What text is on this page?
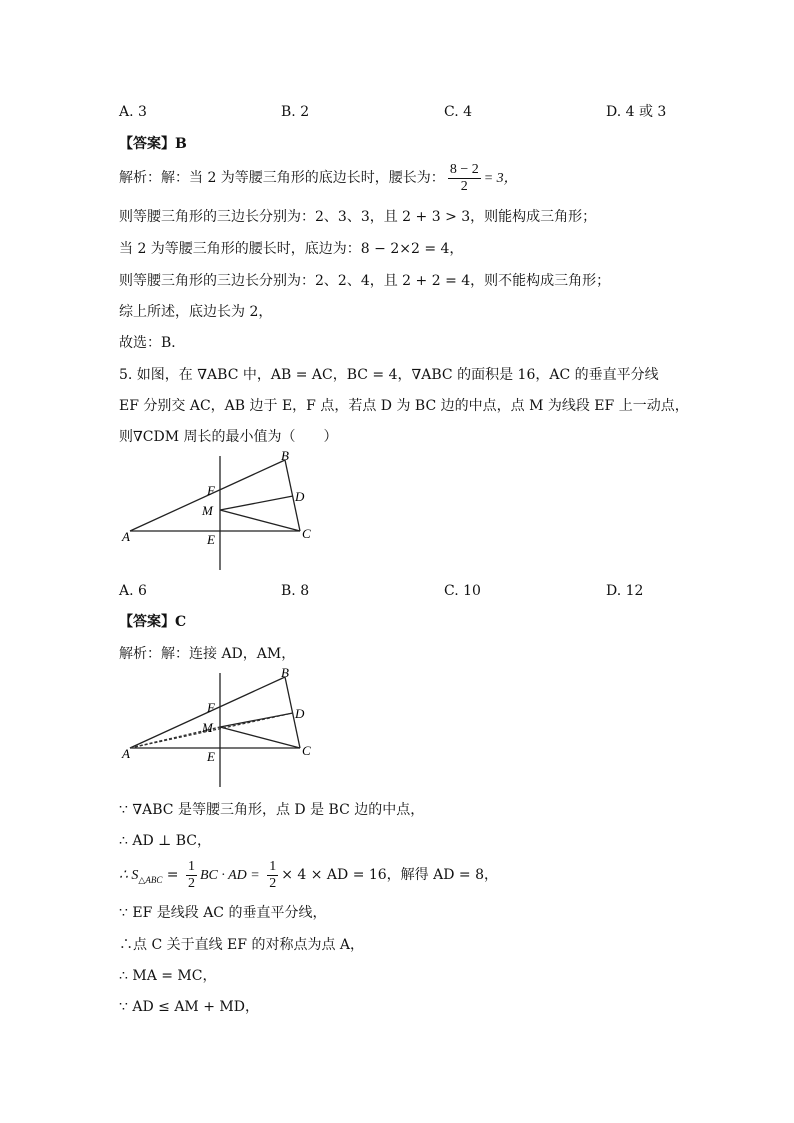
A. 3	B. 2	C. 4	D. 4 或 3
【答案】B
解析：解：当 2 为等腰三角形的底边长时，腰长为： $\frac{8 - 2}{2} = 3$，
则等腰三角形的三边长分别为：2、3、3，且 2 + 3 > 3，则能构成三角形；
当 2 为等腰三角形的腰长时，底边为：8 − 2×2 = 4，
则等腰三角形的三边长分别为：2、2、4，且 2 + 2 = 4，则不能构成三角形；
综上所述，底边长为 2，
故选：B．
5. 如图，在 ∇ABC 中，AB = AC，BC = 4，∇ABC 的面积是 16，AC 的垂直平分线
EF 分别交 AC，AB 边于 E，F 点，若点 D 为 BC 边的中点，点 M 为线段 EF 上一动点，
则∇CDM 周长的最小值为（　　）
A
B
C
D
E
F
M
A. 6	B. 8	C. 10	D. 12
【答案】C
解析：解：连接 AD，AM，
A
B
C
D
E
F
M
∵ ∇ABC 是等腰三角形，点 D 是 BC 边的中点，
∴ AD ⊥ BC，
∴ $S_{\triangle ABC} = \frac{1}{2}$ BC · AD = $\frac{1}{2} \times 4$ × AD = 16，解得 AD = 8，
∵ EF 是线段 AC 的垂直平分线，
∴点 C 关于直线 EF 的对称点为点 A，
∴ MA = MC，
∵ AD ≤ AM + MD，
